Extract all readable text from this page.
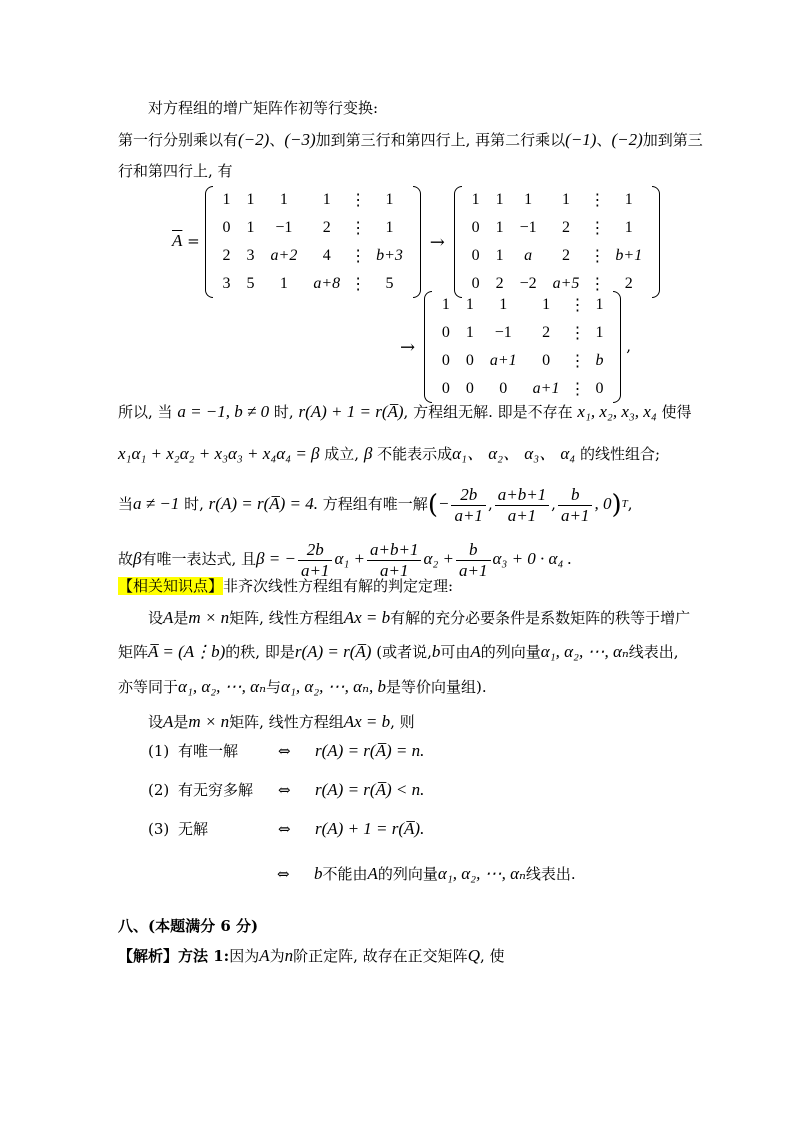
对方程组的增广矩阵作初等行变换:
第一行分别乘以有(−2)、(−3)加到第三行和第四行上, 再第二行乘以(−1)、(−2)加到第三
行和第四行上, 有
$\overline{A}$ =
1	1	1	1	⋮	1
0	1	−1	2	⋮	1
2	3	a+2	4	⋮	b+3
3	5	1	a+8	⋮	5
→
1	1	1	1	⋮	1
0	1	−1	2	⋮	1
0	1	a	2	⋮	b+1
0	2	−2	a+5	⋮	2
→
1	1	1	1	⋮	1
0	1	−1	2	⋮	1
0	0	a+1	0	⋮	b
0	0	0	a+1	⋮	0
,
所以, 当 a = −1, b ≠ 0 时, r(A) + 1 = r(A̅), 方程组无解. 即是不存在 x₁, x₂, x₃, x₄ 使得
x₁α₁ + x₂α₂ + x₃α₃ + x₄α₄ = β 成立, β 不能表示成α₁、 α₂、 α₃、 α₄ 的线性组合;
当a ≠ −1 时, r(A) = r(A̅) = 4. 方程组有唯一解(− $\frac{2b}{a+1}$ , $\frac{a+b+1}{a+1}$ , $\frac{b}{a+1}$ , 0)$^T$,
故β有唯一表达式, 且β = − $\frac{2b}{a+1} \alpha_1 + \frac{a+b+1}{a+1} \alpha_2 + \frac{b}{a+1} \alpha_3 + 0 \cdot \alpha_4$ .
【相关知识点】非齐次线性方程组有解的判定定理:
设A是m × n矩阵, 线性方程组Ax = b有解的充分必要条件是系数矩阵的秩等于增广
矩阵A̅ = (A⋮b)的秩, 即是r(A) = r(A̅) (或者说,b可由A的列向量α₁, α₂, ⋯, αₙ线表出,
亦等同于α₁, α₂, ⋯, αₙ与α₁, α₂, ⋯, αₙ, b是等价向量组).
设A是m × n矩阵, 线性方程组Ax = b, 则
(1) 有唯一解	⇔ r(A) = r(A̅) = n.
(2) 有无穷多解 ⇔ r(A) = r(A̅) < n.
(3) 无解	⇔ r(A) + 1 = r(A̅).
⇔ b不能由A的列向量α₁, α₂, ⋯, αₙ线表出.
八、(本题满分 6 分)
【解析】方法 1:因为A为n阶正定阵, 故存在正交矩阵Q, 使
